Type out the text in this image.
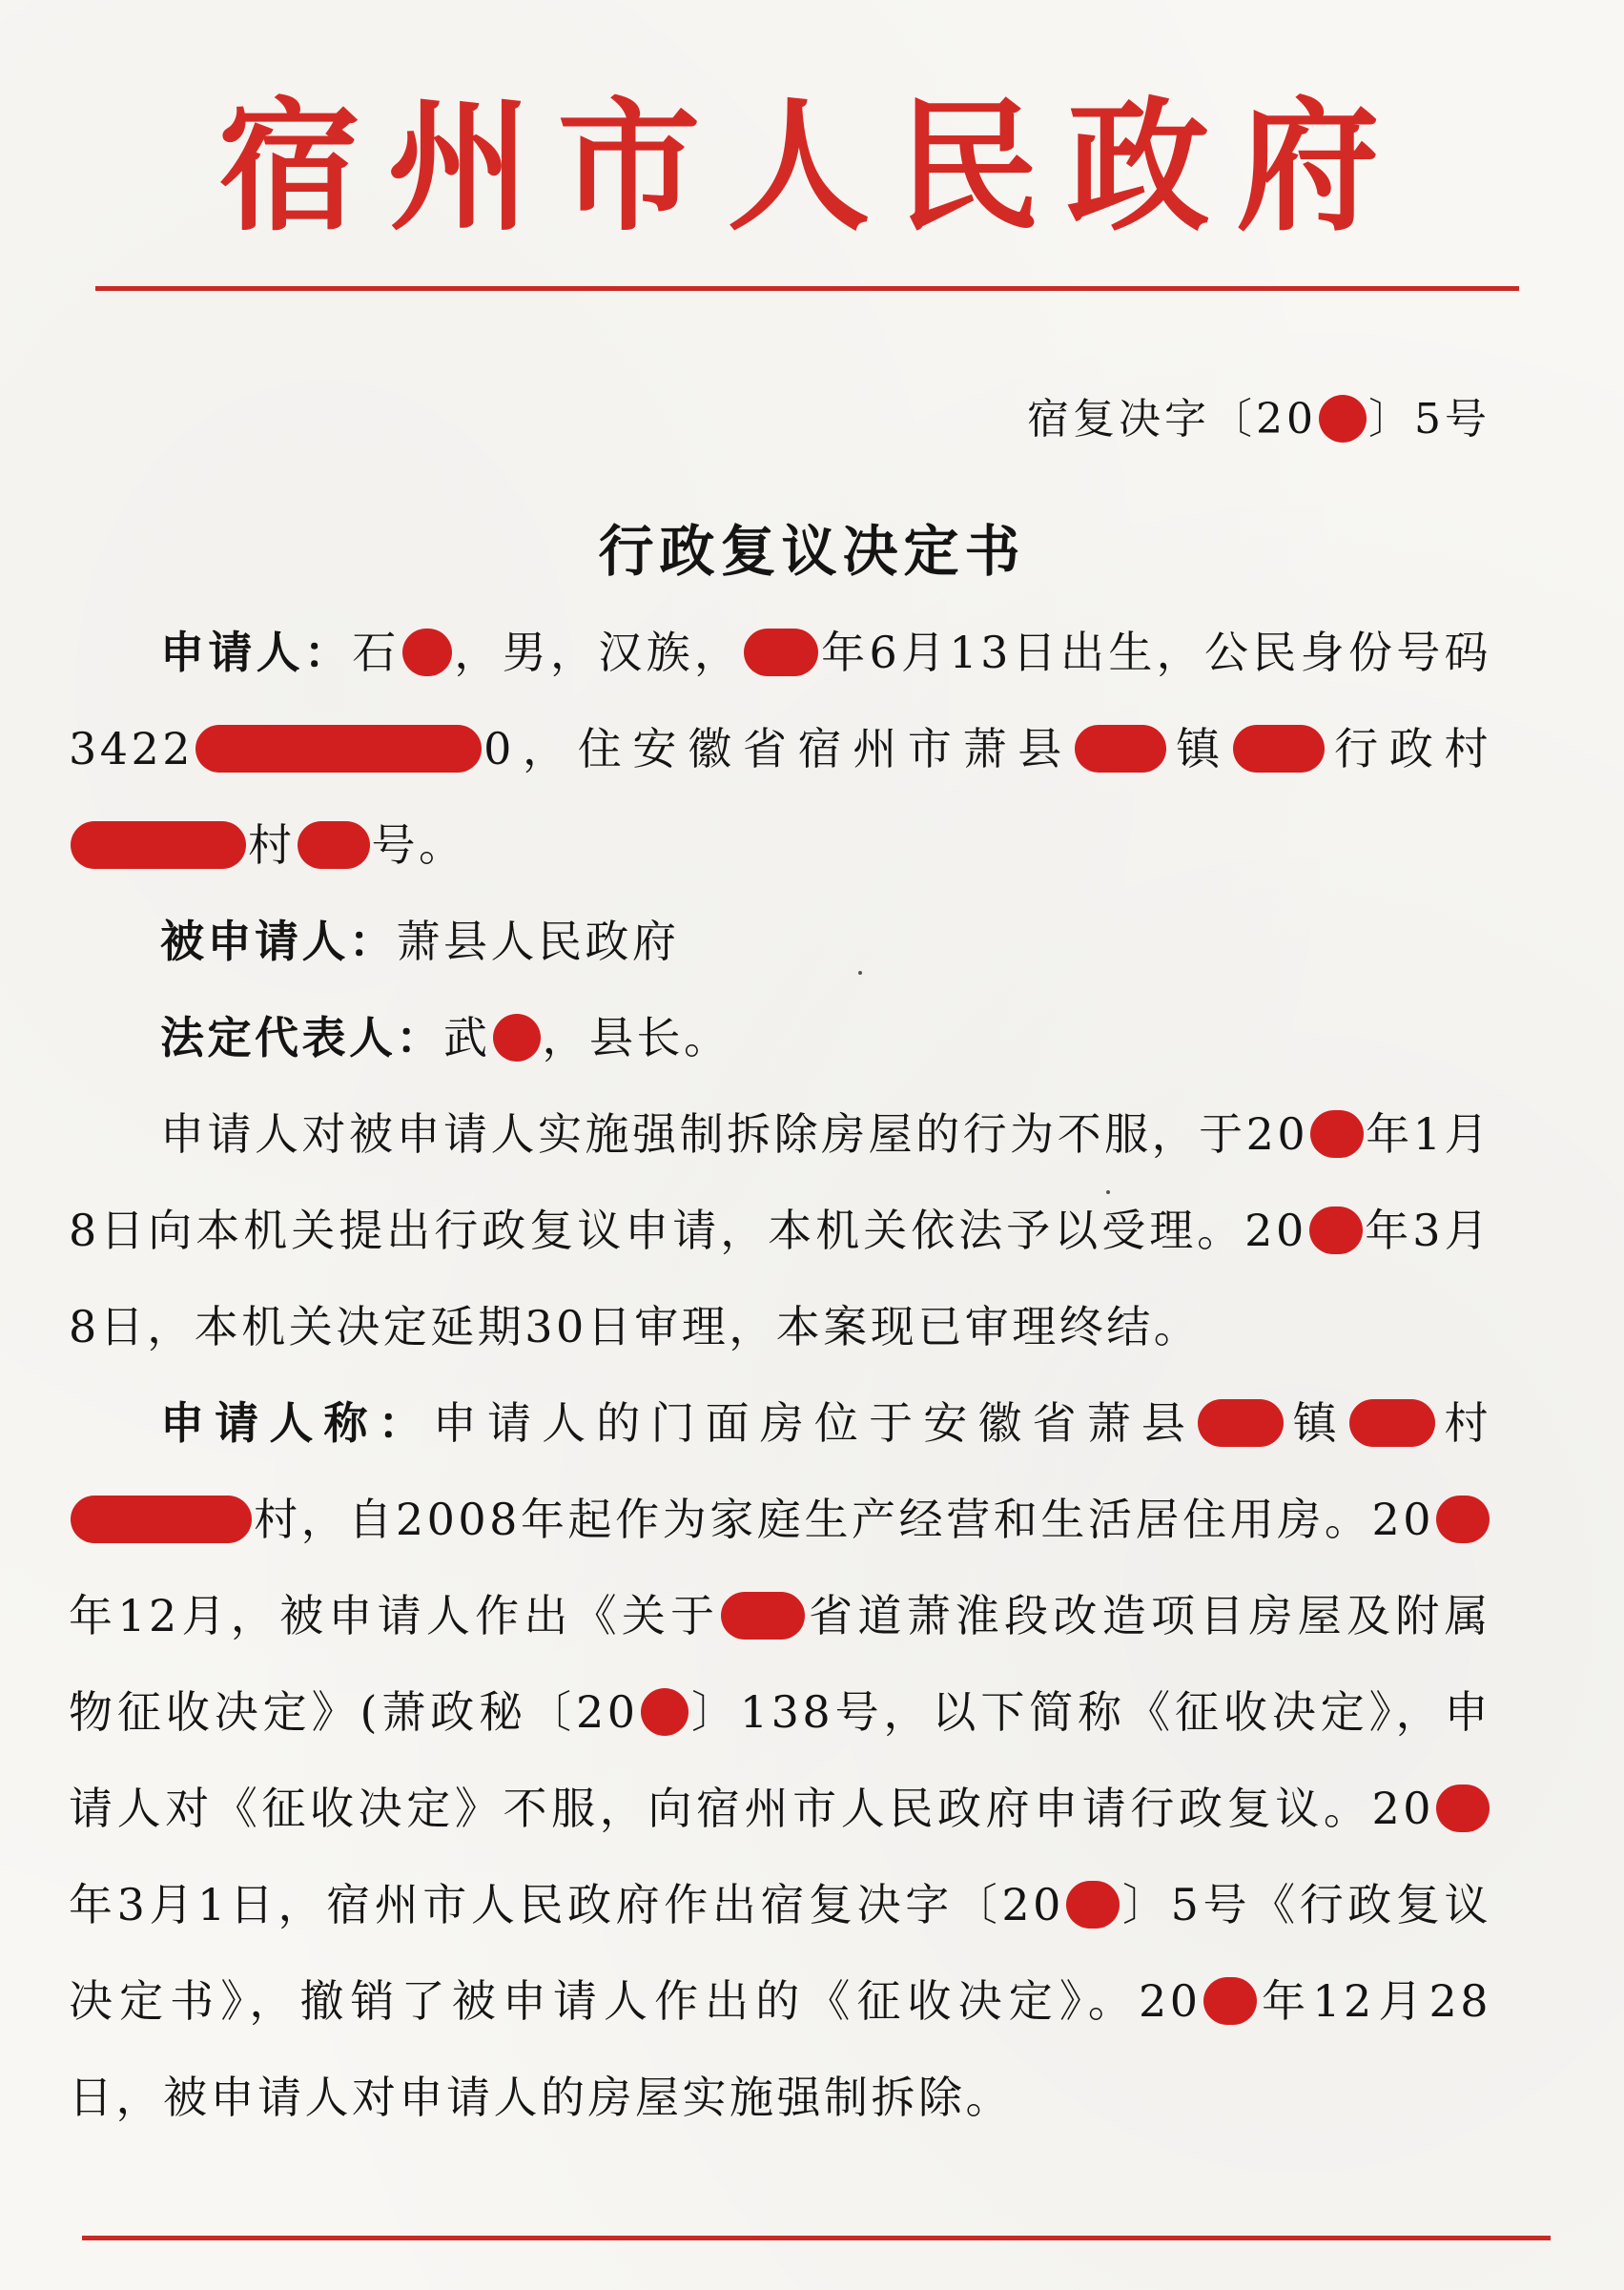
宿州市人民政府
宿复决字〔20 〕5号
行政复议决定书

申请人：石 ，男，汉族， 年6月13日出生，公民身份号码3422	0，住安徽省宿州市萧县 镇 行政村村 号。

被申请人：萧县人民政府

法定代表人：武 ，县长。

申请人对被申请人实施强制拆除房屋的行为不服，于20 年1月8日向本机关提出行政复议申请，本机关依法予以受理。20 年3月8日，本机关决定延期30日审理，本案现已审理终结。

申请人称：申请人的门面房位于安徽省萧县 镇 村村，自2008年起作为家庭生产经营和生活居住用房。20年12月，被申请人作出《关于 省道萧淮段改造项目房屋及附属物征收决定》(萧政秘〔20 〕138号，以下简称《征收决定》，申请人对《征收决定》不服，向宿州市人民政府申请行政复议。20年3月1日，宿州市人民政府作出宿复决字〔20 〕5号《行政复议决定书》，撤销了被申请人作出的《征收决定》。20 年12月28日，被申请人对申请人的房屋实施强制拆除。
